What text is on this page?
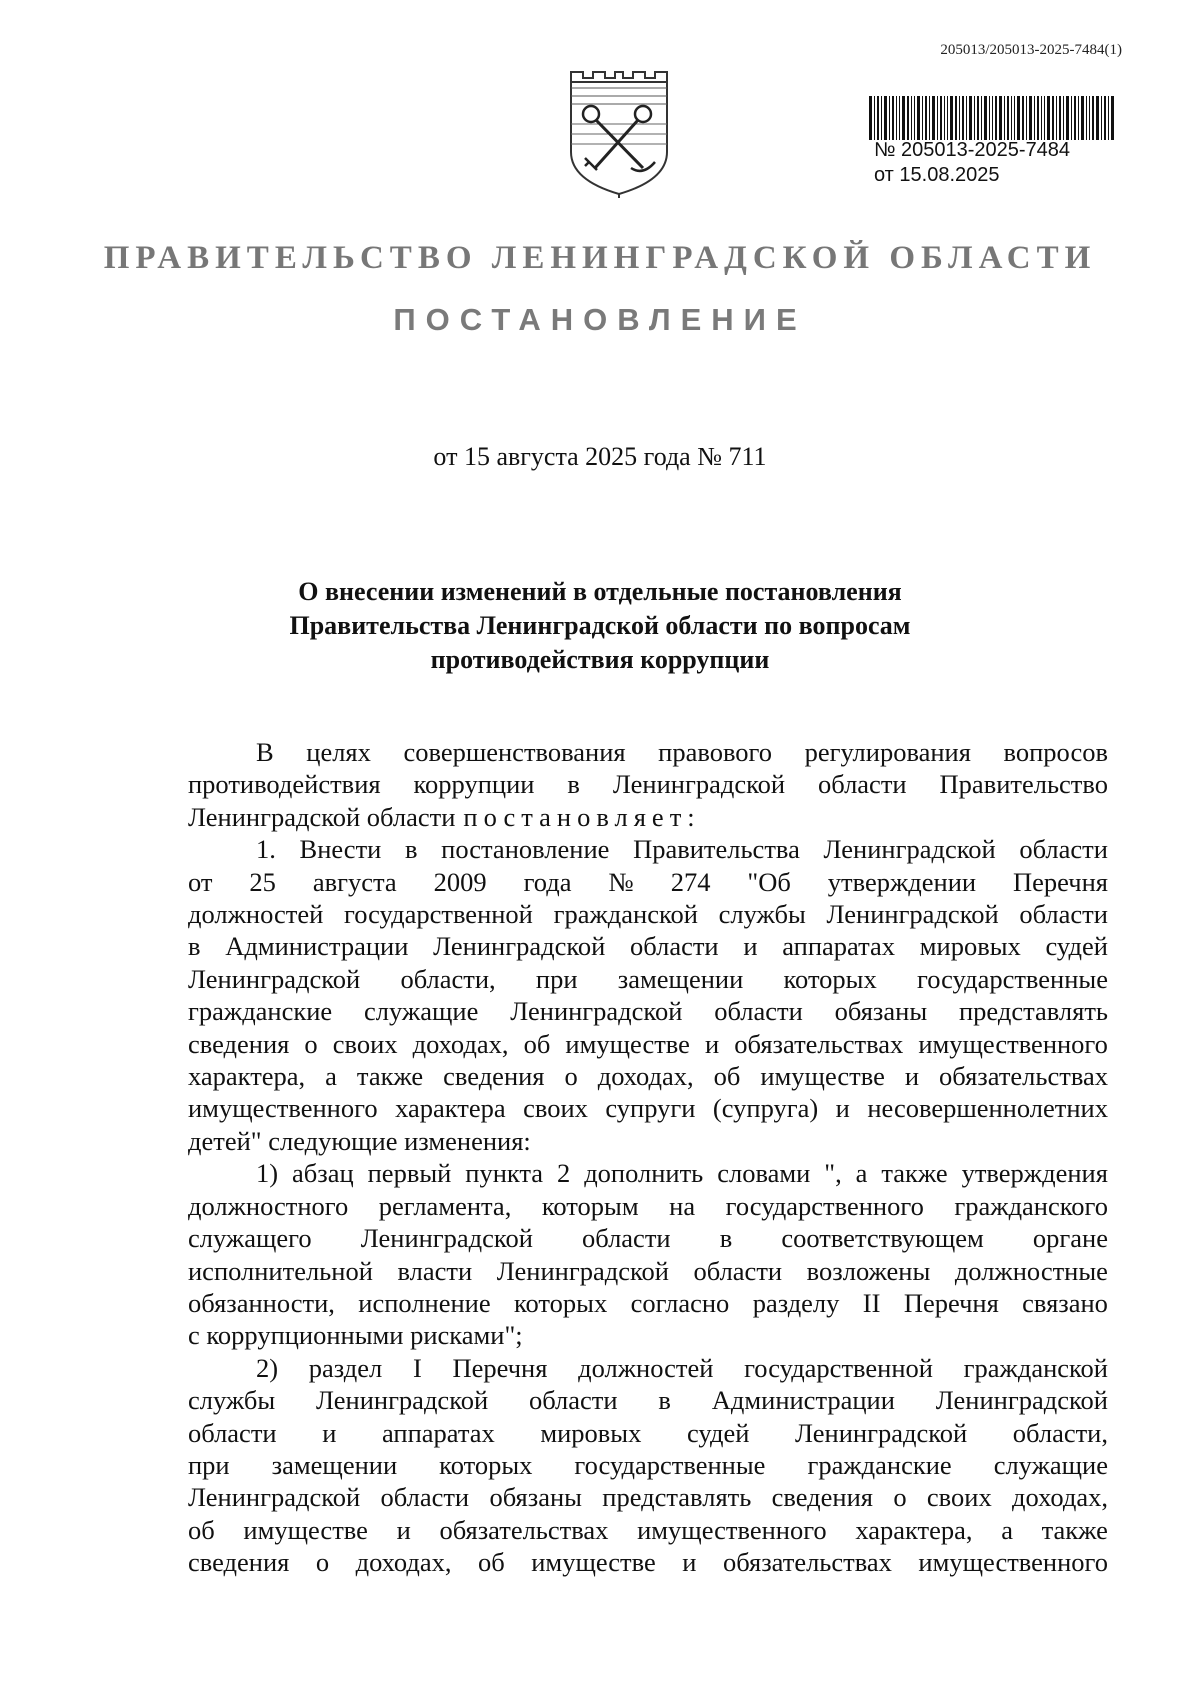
205013/205013-2025-7484(1)
№ 205013-2025-7484
от 15.08.2025
ПРАВИТЕЛЬСТВО ЛЕНИНГРАДСКОЙ ОБЛАСТИ
ПОСТАНОВЛЕНИЕ
от 15 августа 2025 года № 711
О внесении изменений в отдельные постановления
Правительства Ленинградской области по вопросам
противодействия коррупции
В целях совершенствования правового регулирования вопросов
противодействия коррупции в Ленинградской области Правительство
Ленинградской области постановляет:
1. Внести в постановление Правительства Ленинградской области
от 25 августа 2009 года № 274 "Об утверждении Перечня
должностей государственной гражданской службы Ленинградской области
в Администрации Ленинградской области и аппаратах мировых судей
Ленинградской области, при замещении которых государственные
гражданские служащие Ленинградской области обязаны представлять
сведения о своих доходах, об имуществе и обязательствах имущественного
характера, а также сведения о доходах, об имуществе и обязательствах
имущественного характера своих супруги (супруга) и несовершеннолетних
детей" следующие изменения:
1) абзац первый пункта 2 дополнить словами ", а также утверждения
должностного регламента, которым на государственного гражданского
служащего Ленинградской области в соответствующем органе
исполнительной власти Ленинградской области возложены должностные
обязанности, исполнение которых согласно разделу II Перечня связано
с коррупционными рисками";
2) раздел I Перечня должностей государственной гражданской
службы Ленинградской области в Администрации Ленинградской
области и аппаратах мировых судей Ленинградской области,
при замещении которых государственные гражданские служащие
Ленинградской области обязаны представлять сведения о своих доходах,
об имуществе и обязательствах имущественного характера, а также
сведения о доходах, об имуществе и обязательствах имущественного
